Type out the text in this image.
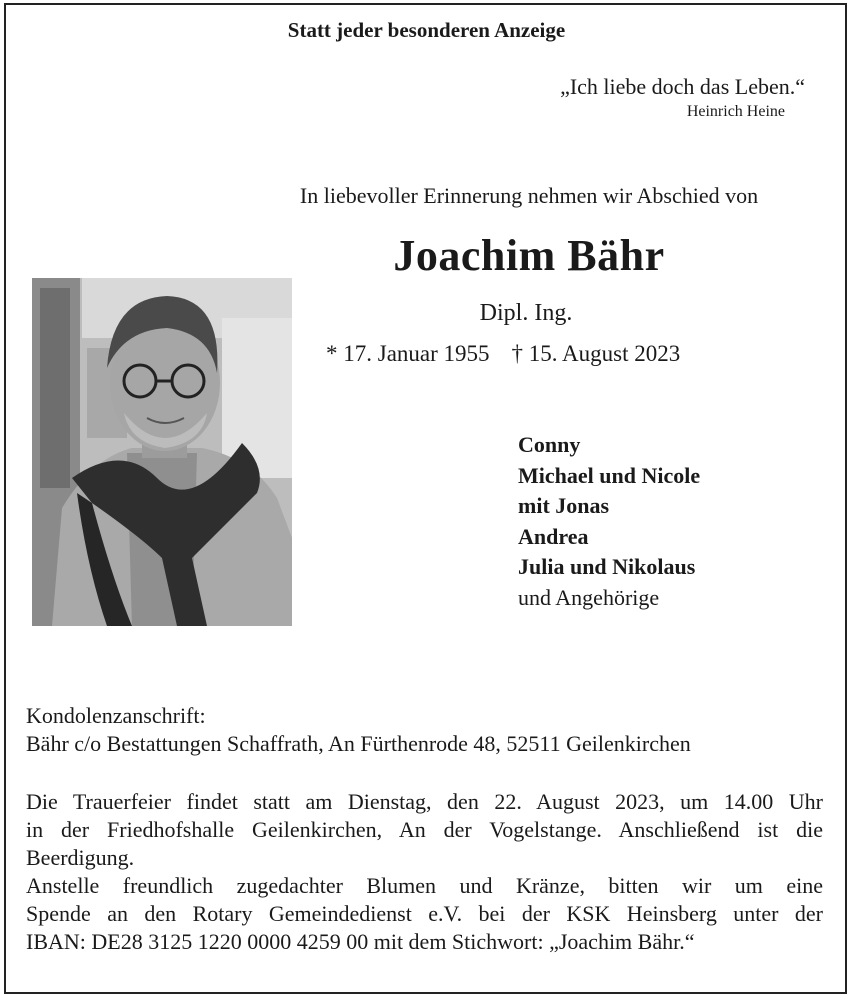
Statt jeder besonderen Anzeige
„Ich liebe doch das Leben.“
Heinrich Heine
In liebevoller Erinnerung nehmen wir Abschied von
Joachim Bähr
Dipl. Ing.
* 17. Januar 1955 † 15. August 2023
Conny
Michael und Nicole
mit Jonas
Andrea
Julia und Nikolaus
und Angehörige
Kondolenzanschrift:
Bähr c/o Bestattungen Schaffrath, An Fürthenrode 48, 52511 Geilenkirchen
Die Trauerfeier findet statt am Dienstag, den 22. August 2023, um 14.00 Uhr
in der Friedhofshalle Geilenkirchen, An der Vogelstange. Anschließend ist die
Beerdigung.
Anstelle freundlich zugedachter Blumen und Kränze, bitten wir um eine
Spende an den Rotary Gemeindedienst e.V. bei der KSK Heinsberg unter der
IBAN: DE28 3125 1220 0000 4259 00 mit dem Stichwort: „Joachim Bähr.“
